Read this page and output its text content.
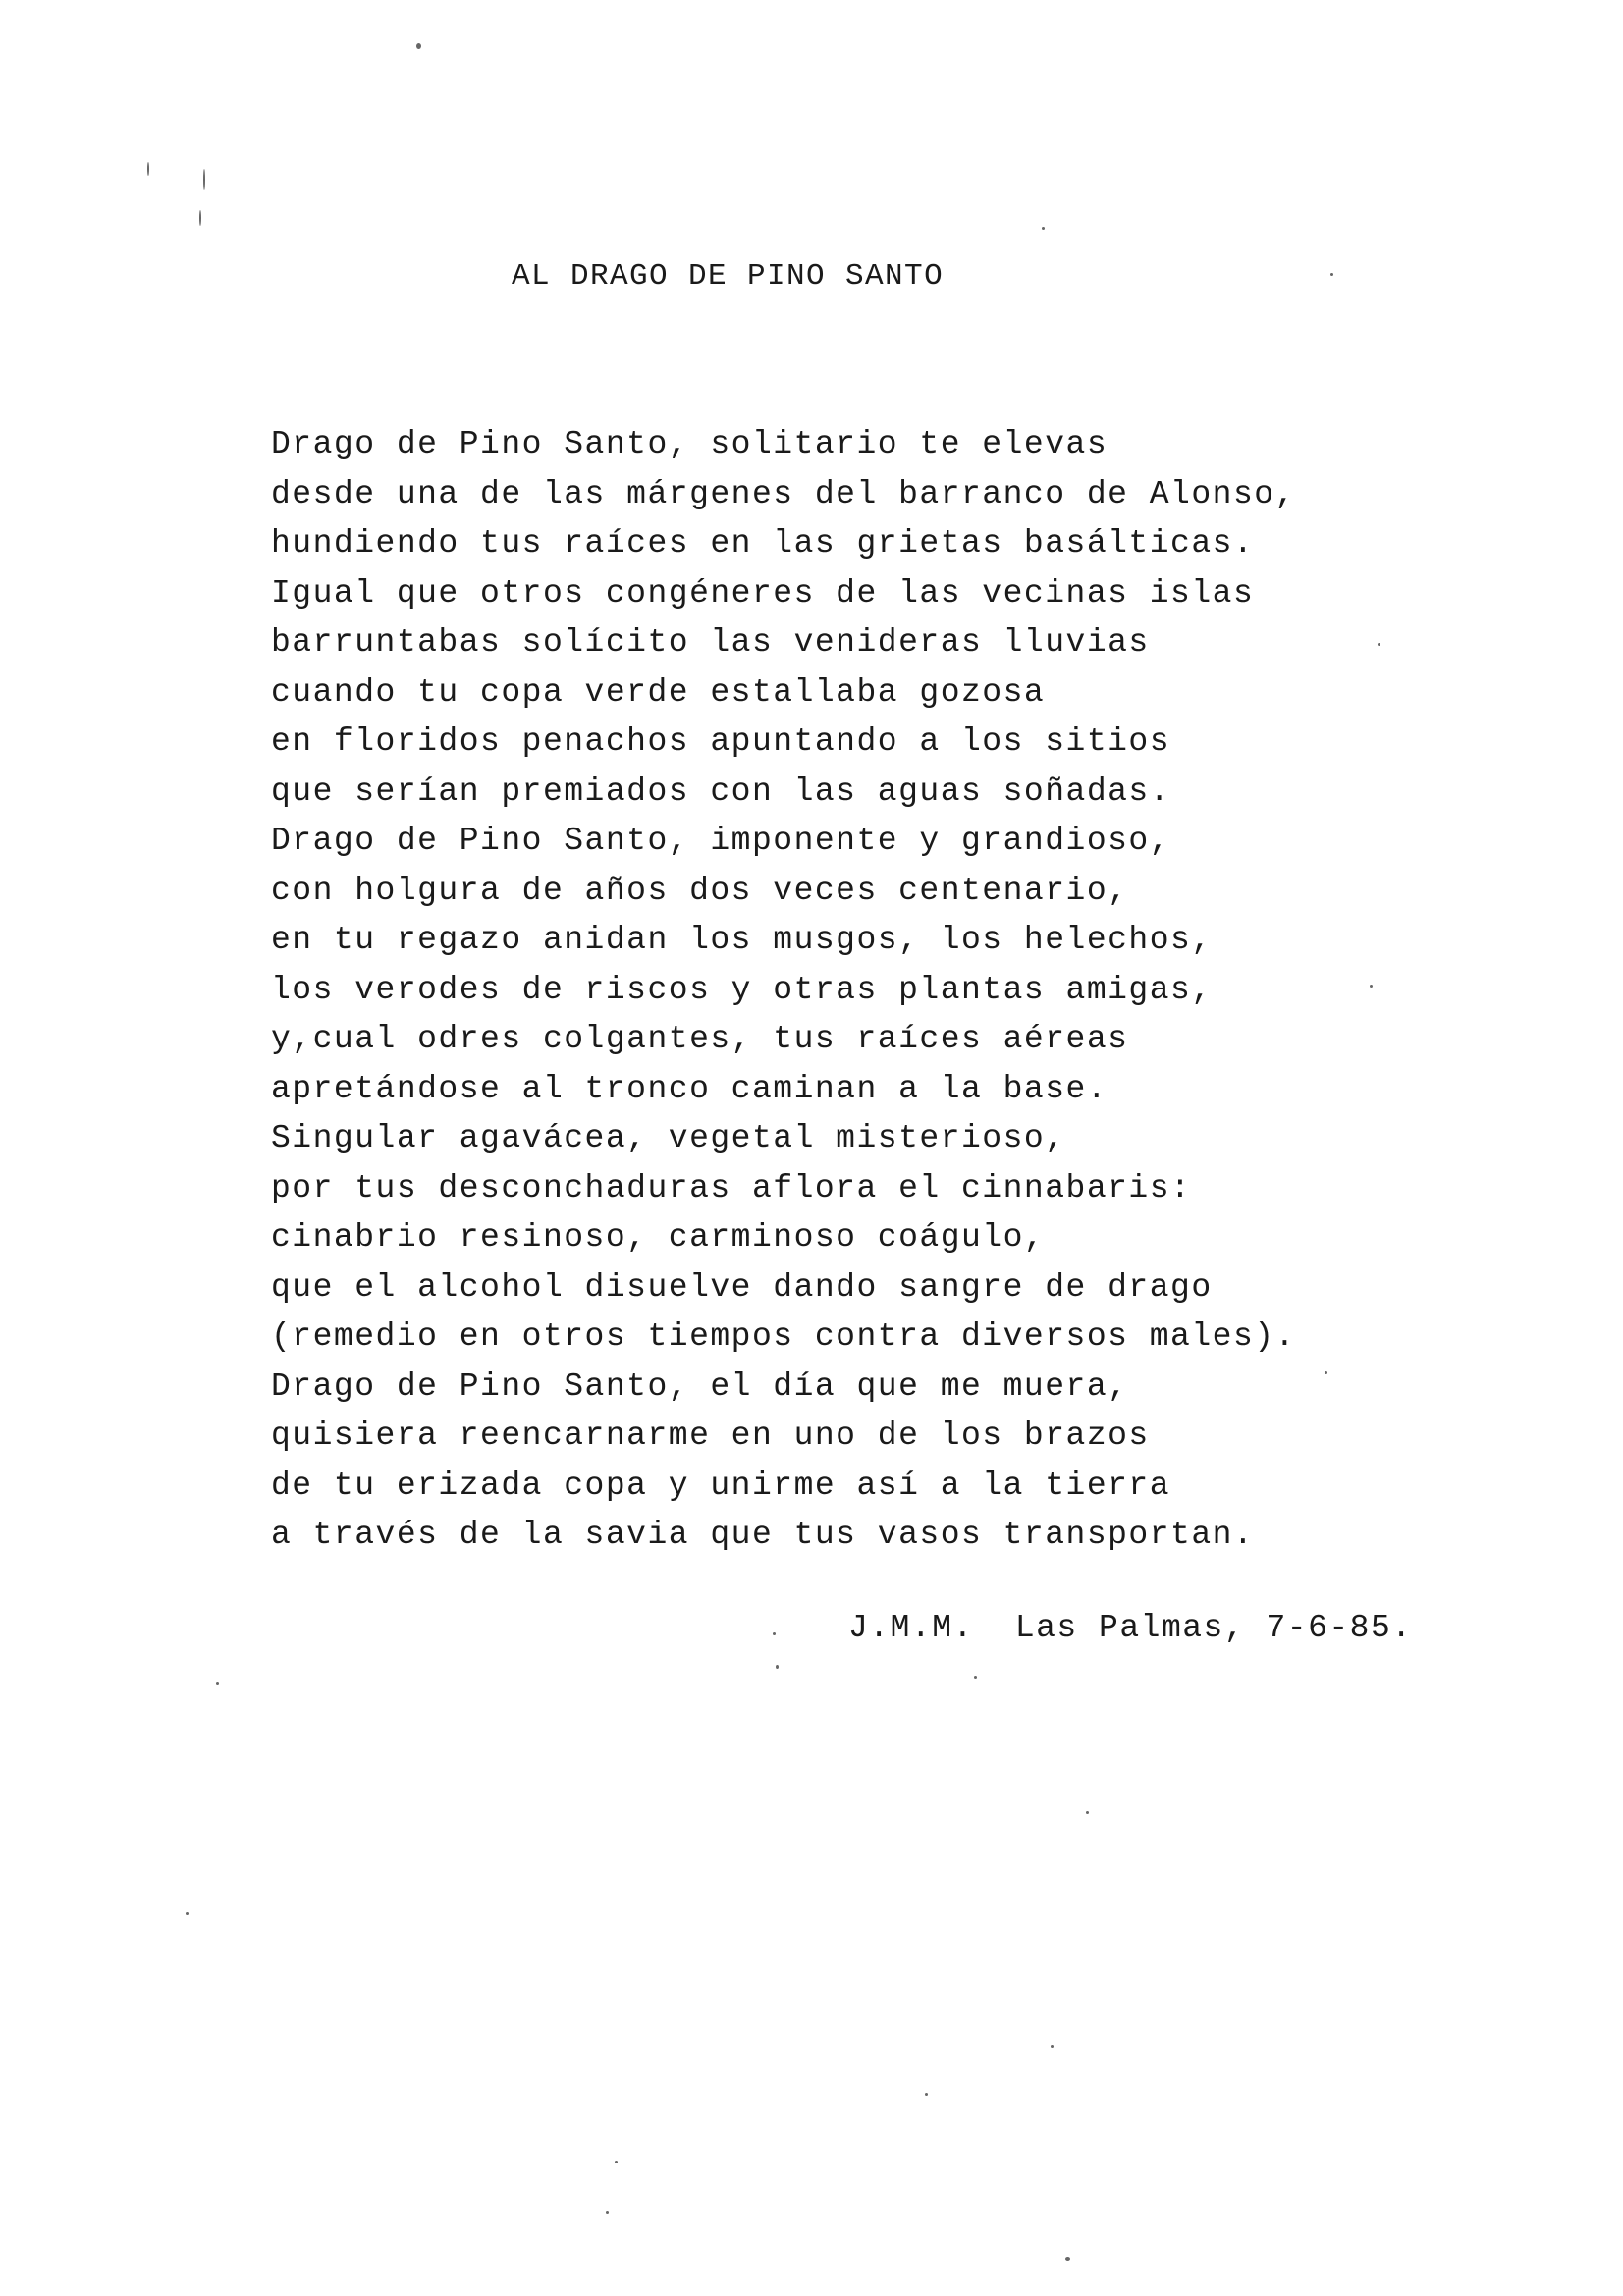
AL DRAGO DE PINO SANTO
Drago de Pino Santo, solitario te elevas
desde una de las márgenes del barranco de Alonso,
hundiendo tus raíces en las grietas basálticas.
Igual que otros congéneres de las vecinas islas
barruntabas solícito las venideras lluvias
cuando tu copa verde estallaba gozosa
en floridos penachos apuntando a los sitios
que serían premiados con las aguas soñadas.
Drago de Pino Santo, imponente y grandioso,
con holgura de años dos veces centenario,
en tu regazo anidan los musgos, los helechos,
los verodes de riscos y otras plantas amigas,
y,cual odres colgantes, tus raíces aéreas
apretándose al tronco caminan a la base.
Singular agavácea, vegetal misterioso,
por tus desconchaduras aflora el cinnabaris:
cinabrio resinoso, carminoso coágulo,
que el alcohol disuelve dando sangre de drago
(remedio en otros tiempos contra diversos males).
Drago de Pino Santo, el día que me muera,
quisiera reencarnarme en uno de los brazos
de tu erizada copa y unirme así a la tierra
a través de la savia que tus vasos transportan.
J.M.M. Las Palmas, 7-6-85.
